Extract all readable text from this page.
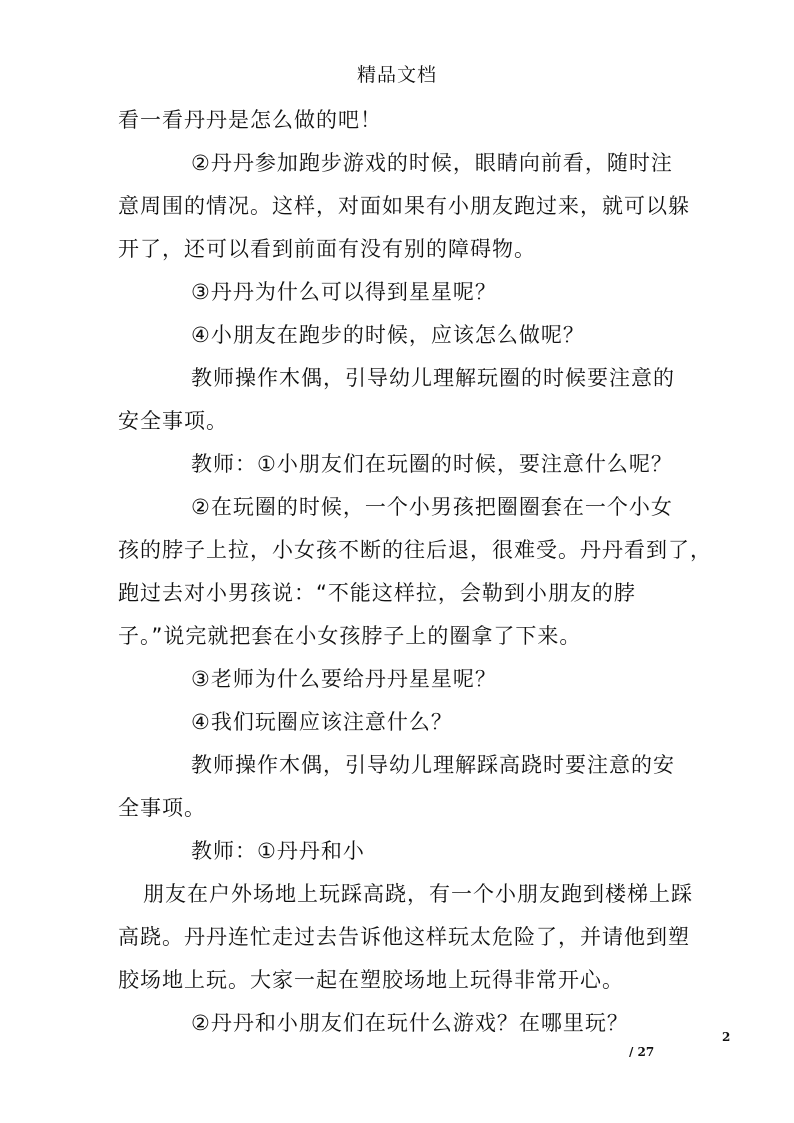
精品文档
看一看丹丹是怎么做的吧！
②丹丹参加跑步游戏的时候，眼睛向前看，随时注
意周围的情况。这样，对面如果有小朋友跑过来，就可以躲
开了，还可以看到前面有没有别的障碍物。
③丹丹为什么可以得到星星呢？
④小朋友在跑步的时候，应该怎么做呢？
教师操作木偶，引导幼儿理解玩圈的时候要注意的
安全事项。
教师：①小朋友们在玩圈的时候，要注意什么呢？
②在玩圈的时候，一个小男孩把圈圈套在一个小女
孩的脖子上拉，小女孩不断的往后退，很难受。丹丹看到了，
跑过去对小男孩说：“不能这样拉，会勒到小朋友的脖
子。”说完就把套在小女孩脖子上的圈拿了下来。
③老师为什么要给丹丹星星呢？
④我们玩圈应该注意什么？
教师操作木偶，引导幼儿理解踩高跷时要注意的安
全事项。
教师：①丹丹和小
朋友在户外场地上玩踩高跷，有一个小朋友跑到楼梯上踩
高跷。丹丹连忙走过去告诉他这样玩太危险了，并请他到塑
胶场地上玩。大家一起在塑胶场地上玩得非常开心。
②丹丹和小朋友们在玩什么游戏？在哪里玩？
2
/ 27
